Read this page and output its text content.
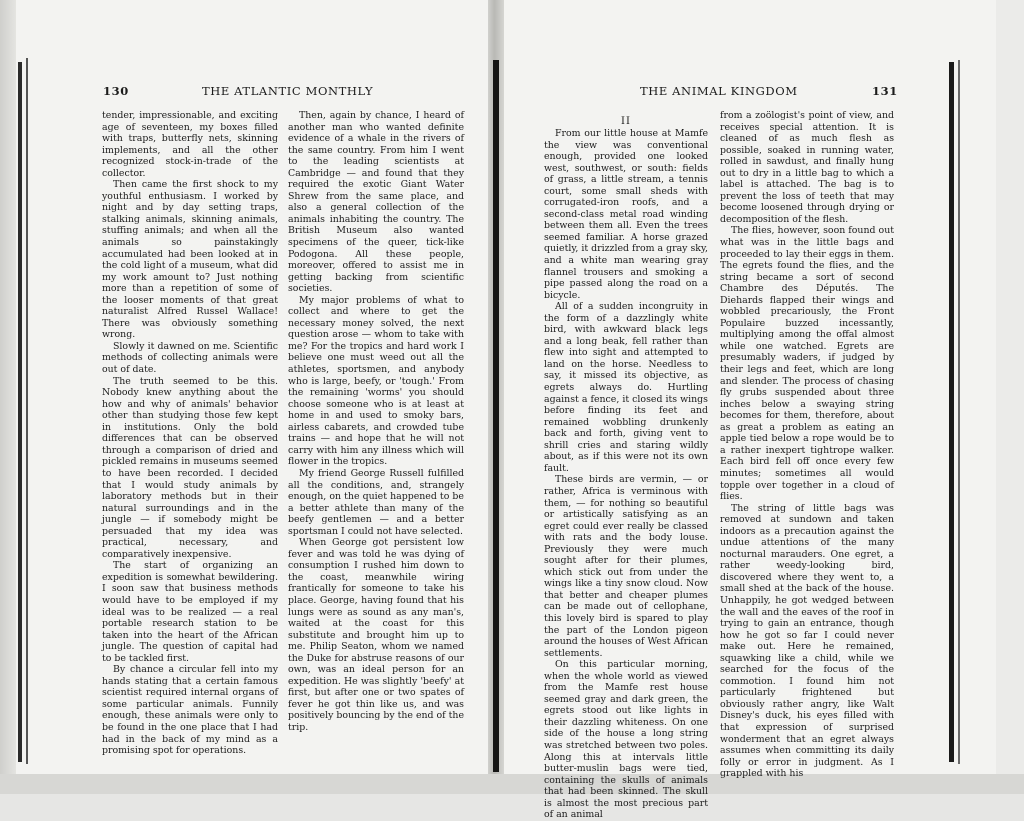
130	THE ATLANTIC MONTHLY	THE ANIMAL KINGDOM	131

tender, impressionable, and exciting age of seventeen, my boxes filled with traps, butterfly nets, skinning implements, and all the other recognized stock-in-trade of the collector.

Then came the first shock to my youthful enthusiasm. I worked by night and by day setting traps, stalking animals, skinning animals, stuffing animals; and when all the animals so painstakingly accumulated had been looked at in the cold light of a museum, what did my work amount to? Just nothing more than a repetition of some of the looser moments of that great naturalist Alfred Russel Wallace! There was obviously something wrong.

Slowly it dawned on me. Scientific methods of collecting animals were out of date.

The truth seemed to be this. Nobody knew anything about the how and why of animals' behavior other than studying those few kept in institutions. Only the bold differences that can be observed through a comparison of dried and pickled remains in museums seemed to have been recorded. I decided that I would study animals by laboratory methods but in their natural surroundings and in the jungle — if somebody might be persuaded that my idea was practical, necessary, and comparatively inexpensive.

The start of organizing an expedition is somewhat bewildering. I soon saw that business methods would have to be employed if my ideal was to be realized — a real portable research station to be taken into the heart of the African jungle. The question of capital had to be tackled first.

By chance a circular fell into my hands stating that a certain famous scientist required internal organs of some particular animals. Funnily enough, these animals were only to be found in the one place that I had had in the back of my mind as a promising spot for operations.

Then, again by chance, I heard of another man who wanted definite evidence of a whale in the rivers of the same country. From him I went to the leading scientists at Cambridge — and found that they required the exotic Giant Water Shrew from the same place, and also a general collection of the animals inhabiting the country. The British Museum also wanted specimens of the queer, tick-like Podogona. All these people, moreover, offered to assist me in getting backing from scientific societies.

My major problems of what to collect and where to get the necessary money solved, the next question arose — whom to take with me? For the tropics and hard work I believe one must weed out all the athletes, sportsmen, and anybody who is large, beefy, or 'tough.' From the remaining 'worms' you should choose someone who is at least at home in and used to smoky bars, airless cabarets, and crowded tube trains — and hope that he will not carry with him any illness which will flower in the tropics.

My friend George Russell fulfilled all the conditions, and, strangely enough, on the quiet happened to be a better athlete than many of the beefy gentlemen — and a better sportsman I could not have selected.

When George got persistent low fever and was told he was dying of consumption I rushed him down to the coast, meanwhile wiring frantically for someone to take his place. George, having found that his lungs were as sound as any man's, waited at the coast for this substitute and brought him up to me. Philip Seaton, whom we named the Duke for abstruse reasons of our own, was an ideal person for an expedition. He was slightly 'beefy' at first, but after one or two spates of fever he got thin like us, and was positively bouncing by the end of the trip.

II

From our little house at Mamfe the view was conventional enough, provided one looked west, southwest, or south: fields of grass, a little stream, a tennis court, some small sheds with corrugated-iron roofs, and a second-class metal road winding between them all. Even the trees seemed familiar. A horse grazed quietly, it drizzled from a gray sky, and a white man wearing gray flannel trousers and smoking a pipe passed along the road on a bicycle.

All of a sudden incongruity in the form of a dazzlingly white bird, with awkward black legs and a long beak, fell rather than flew into sight and attempted to land on the horse. Needless to say, it missed its objective, as egrets always do. Hurtling against a fence, it closed its wings before finding its feet and remained wobbling drunkenly back and forth, giving vent to shrill cries and staring wildly about, as if this were not its own fault.

These birds are vermin, — or rather, Africa is verminous with them, — for nothing so beautiful or artistically satisfying as an egret could ever really be classed with rats and the body louse. Previously they were much sought after for their plumes, which stick out from under the wings like a tiny snow cloud. Now that better and cheaper plumes can be made out of cellophane, this lovely bird is spared to play the part of the London pigeon around the houses of West African settlements.

On this particular morning, when the whole world as viewed from the Mamfe rest house seemed gray and dark green, the egrets stood out like lights in their dazzling whiteness. On one side of the house a long string was stretched between two poles. Along this at intervals little butter-muslin bags were tied, containing the skulls of animals that had been skinned. The skull is almost the most precious part of an animal

from a zoölogist's point of view, and receives special attention. It is cleaned of as much flesh as possible, soaked in running water, rolled in sawdust, and finally hung out to dry in a little bag to which a label is attached. The bag is to prevent the loss of teeth that may become loosened through drying or decomposition of the flesh.

The flies, however, soon found out what was in the little bags and proceeded to lay their eggs in them. The egrets found the flies, and the string became a sort of second Chambre des Députés. The Diehards flapped their wings and wobbled precariously, the Front Populaire buzzed incessantly, multiplying among the offal almost while one watched. Egrets are presumably waders, if judged by their legs and feet, which are long and slender. The process of chasing fly grubs suspended about three inches below a swaying string becomes for them, therefore, about as great a problem as eating an apple tied below a rope would be to a rather inexpert tightrope walker. Each bird fell off once every few minutes; sometimes all would topple over together in a cloud of flies.

The string of little bags was removed at sundown and taken indoors as a precaution against the undue attentions of the many nocturnal marauders. One egret, a rather weedy-looking bird, discovered where they went to, a small shed at the back of the house. Unhappily, he got wedged between the wall and the eaves of the roof in trying to gain an entrance, though how he got so far I could never make out. Here he remained, squawking like a child, while we searched for the focus of the commotion. I found him not particularly frightened but obviously rather angry, like Walt Disney's duck, his eyes filled with that expression of surprised wonderment that an egret always assumes when committing its daily folly or error in judgment. As I grappled with his
